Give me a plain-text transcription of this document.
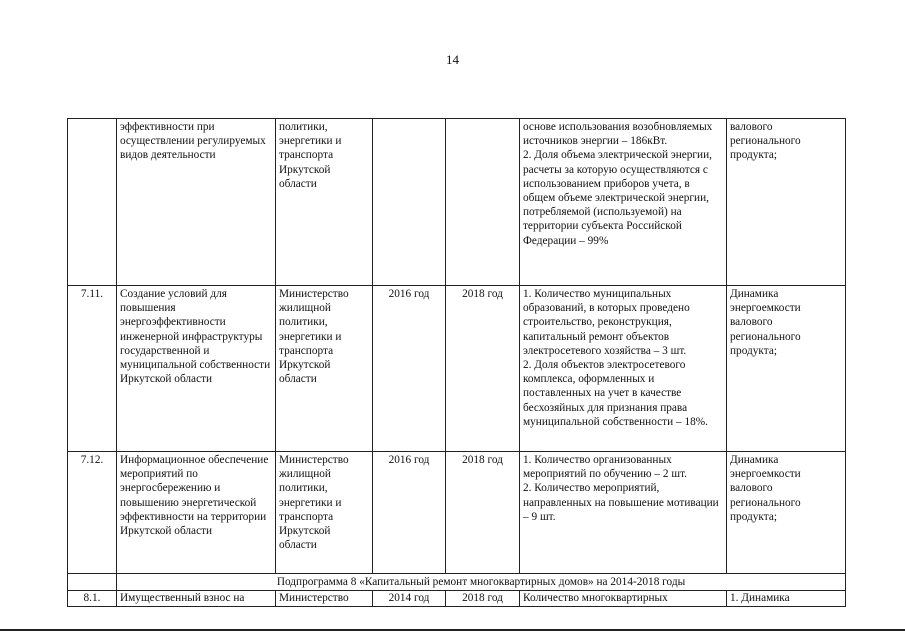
14
	эффективности при осуществлении регулируемых видов деятельности	политики, энергетики и транспорта Иркутской области			основе использования возобновляемых источников энергии – 186кВт.
2. Доля объема электрической энергии, расчеты за которую осуществляются с использованием приборов учета, в общем объеме электрической энергии, потребляемой (используемой) на территории субъекта Российской Федерации – 99%	валового регионального продукта;
7.11.	Создание условий для повышения энергоэффективности инженерной инфраструктуры государственной и муниципальной собственности Иркутской области	Министерство жилищной политики, энергетики и транспорта Иркутской области	2016 год	2018 год	1. Количество муниципальных образований, в которых проведено строительство, реконструкция, капитальный ремонт объектов электросетевого хозяйства – 3 шт.
2. Доля объектов электросетевого комплекса, оформленных и поставленных на учет в качестве бесхозяйных для признания права муниципальной собственности – 18%.	Динамика энергоемкости валового регионального продукта;
7.12.	Информационное обеспечение мероприятий по энергосбережению и повышению энергетической эффективности на территории Иркутской области	Министерство жилищной политики, энергетики и транспорта Иркутской области	2016 год	2018 год	1. Количество организованных мероприятий по обучению – 2 шт.
2. Количество мероприятий, направленных на повышение мотивации – 9 шт.	Динамика энергоемкости валового регионального продукта;
	Подпрограмма 8 «Капитальный ремонт многоквартирных домов» на 2014-2018 годы					
8.1.	Имущественный взнос на	Министерство	2014 год	2018 год	Количество многоквартирных	1. Динамика
